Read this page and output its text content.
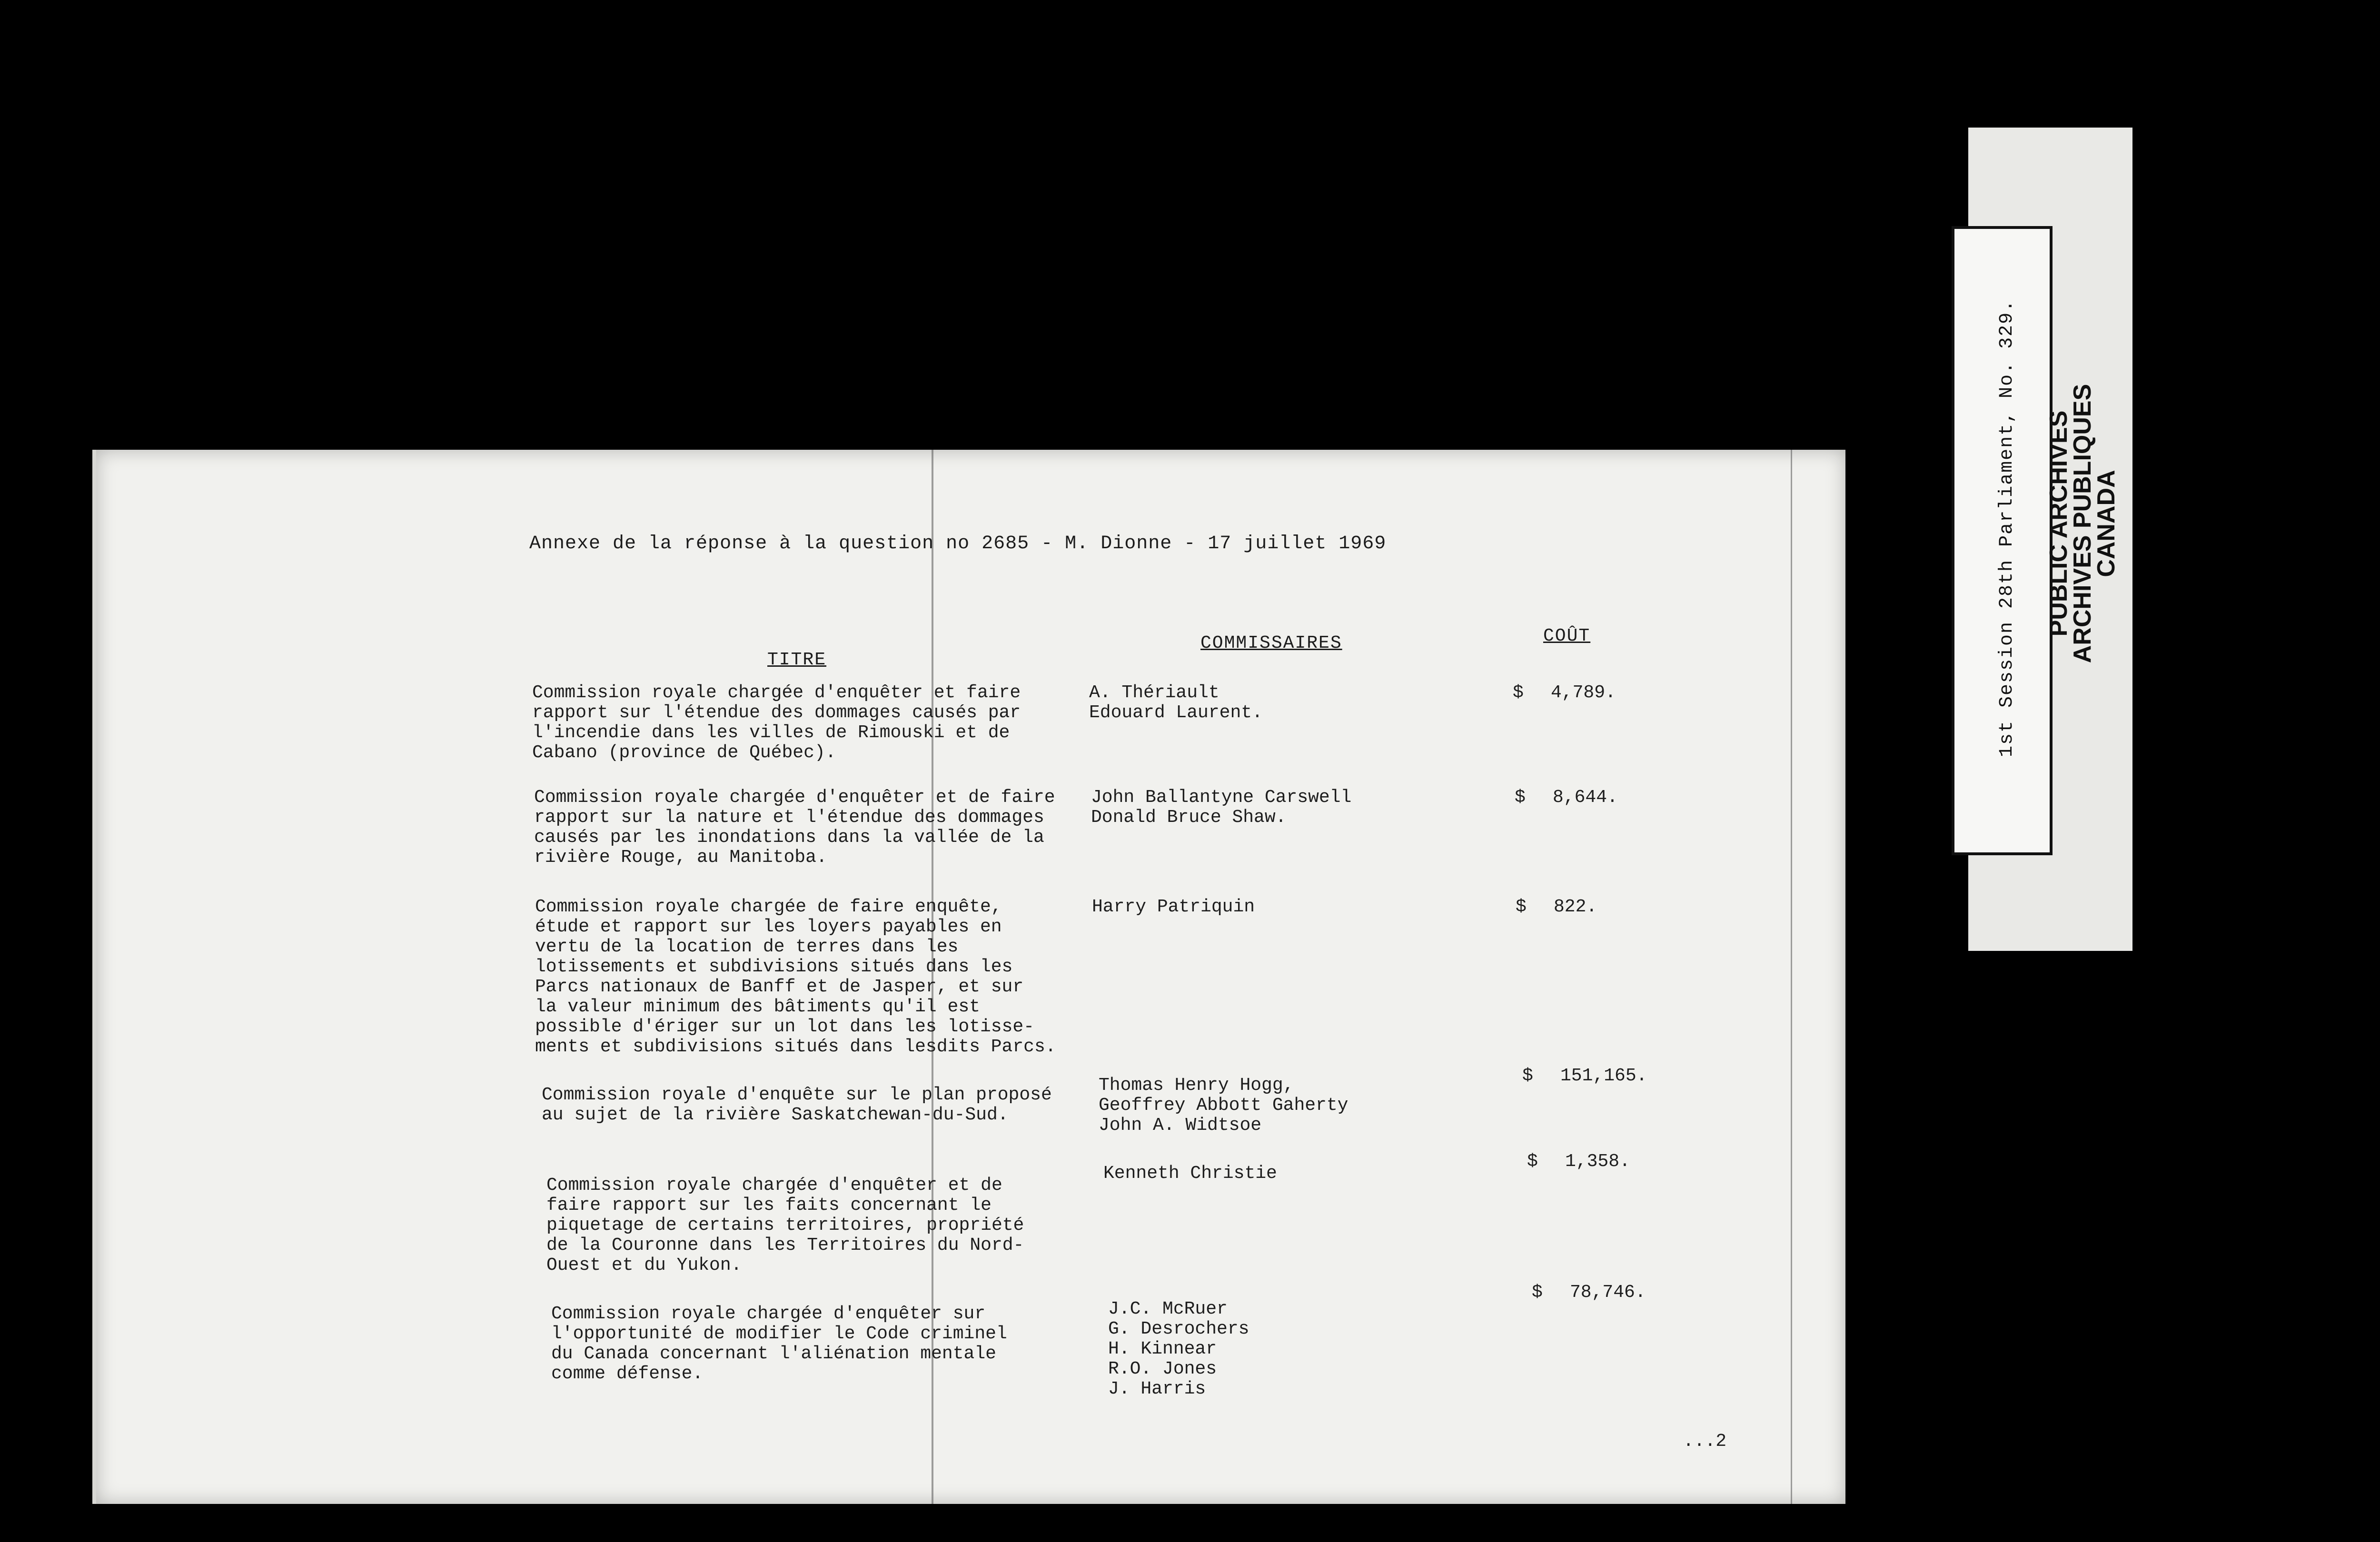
Annexe de la réponse à la question no 2685 - M. Dionne - 17 juillet 1969
TITRE
COMMISSAIRES	COÛT
Commission royale chargée d'enquêter et faire
rapport sur l'étendue des dommages causés par
l'incendie dans les villes de Rimouski et de
Cabano (province de Québec).
A. Thériault
Edouard Laurent.
$ 4,789.
Commission royale chargée d'enquêter et de faire
rapport sur la nature et l'étendue des dommages
causés par les inondations dans la vallée de la
rivière Rouge, au Manitoba.
John Ballantyne Carswell
Donald Bruce Shaw.
$ 8,644.
Commission royale chargée de faire enquête,
étude et rapport sur les loyers payables en
vertu de la location de terres dans les
lotissements et subdivisions situés dans les
Parcs nationaux de Banff et de Jasper, et sur
la valeur minimum des bâtiments qu'il est
possible d'ériger sur un lot dans les lotisse-
ments et subdivisions situés dans lesdits Parcs.
Harry Patriquin	$ 822.
Commission royale d'enquête sur le plan proposé
au sujet de la rivière Saskatchewan-du-Sud.
Thomas Henry Hogg,
Geoffrey Abbott Gaherty
John A. Widtsoe
$ 151,165.
Commission royale chargée d'enquêter et de
faire rapport sur les faits concernant le
piquetage de certains territoires, propriété
de la Couronne dans les Territoires du Nord-
Ouest et du Yukon.
Kenneth Christie
$ 1,358.
Commission royale chargée d'enquêter sur
l'opportunité de modifier le Code criminel
du Canada concernant l'aliénation mentale
comme défense.
J.C. McRuer
G. Desrochers
H. Kinnear
R.O. Jones
J. Harris
$ 78,746.
...2
1st Session 28th Parliament, No. 329. PUBLIC ARCHIVES
ARCHIVES PUBLIQUES
CANADA
